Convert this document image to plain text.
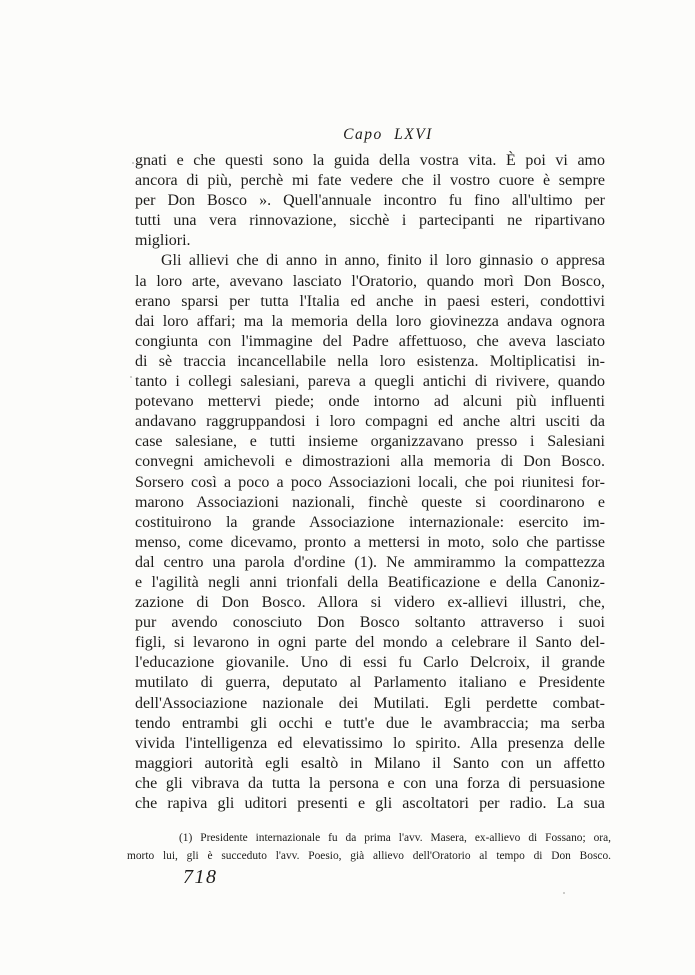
Capo LXVI
gnati e che questi sono la guida della vostra vita. È poi vi amo
ancora di più, perchè mi fate vedere che il vostro cuore è sempre
per Don Bosco ». Quell'annuale incontro fu fino all'ultimo per
tutti una vera rinnovazione, sicchè i partecipanti ne ripartivano
migliori.
Gli allievi che di anno in anno, finito il loro ginnasio o appresa
la loro arte, avevano lasciato l'Oratorio, quando morì Don Bosco,
erano sparsi per tutta l'Italia ed anche in paesi esteri, condottivi
dai loro affari; ma la memoria della loro giovinezza andava ognora
congiunta con l'immagine del Padre affettuoso, che aveva lasciato
di sè traccia incancellabile nella loro esistenza. Moltiplicatisi in-
tanto i collegi salesiani, pareva a quegli antichi di rivivere, quando
potevano mettervi piede; onde intorno ad alcuni più influenti
andavano raggruppandosi i loro compagni ed anche altri usciti da
case salesiane, e tutti insieme organizzavano presso i Salesiani
convegni amichevoli e dimostrazioni alla memoria di Don Bosco.
Sorsero così a poco a poco Associazioni locali, che poi riunitesi for-
marono Associazioni nazionali, finchè queste si coordinarono e
costituirono la grande Associazione internazionale: esercito im-
menso, come dicevamo, pronto a mettersi in moto, solo che partisse
dal centro una parola d'ordine (1). Ne ammirammo la compattezza
e l'agilità negli anni trionfali della Beatificazione e della Canoniz-
zazione di Don Bosco. Allora si videro ex-allievi illustri, che,
pur avendo conosciuto Don Bosco soltanto attraverso i suoi
figli, si levarono in ogni parte del mondo a celebrare il Santo del-
l'educazione giovanile. Uno di essi fu Carlo Delcroix, il grande
mutilato di guerra, deputato al Parlamento italiano e Presidente
dell'Associazione nazionale dei Mutilati. Egli perdette combat-
tendo entrambi gli occhi e tutt'e due le avambraccia; ma serba
vivida l'intelligenza ed elevatissimo lo spirito. Alla presenza delle
maggiori autorità egli esaltò in Milano il Santo con un affetto
che gli vibrava da tutta la persona e con una forza di persuasione
che rapiva gli uditori presenti e gli ascoltatori per radio. La sua
(1) Presidente internazionale fu da prima l'avv. Masera, ex-allievo di Fossano; ora,
morto lui, gli è succeduto l'avv. Poesio, già allievo dell'Oratorio al tempo di Don Bosco.
718
